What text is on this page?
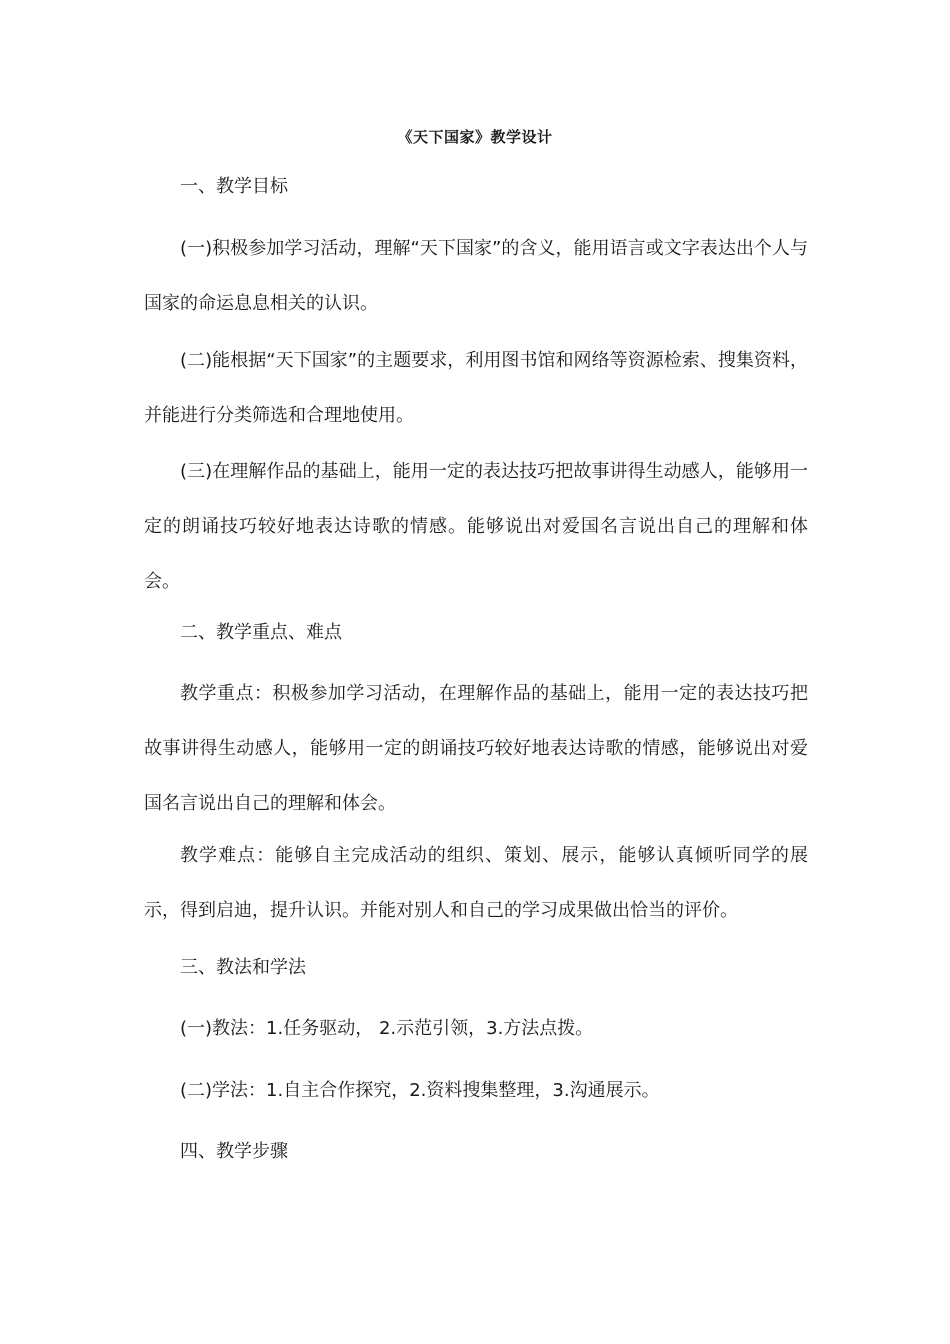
《天下国家》教学设计

一、教学目标

(一)积极参加学习活动，理解“天下国家”的含义，能用语言或文字表达出个人与国家的命运息息相关的认识。

(二)能根据“天下国家”的主题要求，利用图书馆和网络等资源检索、搜集资料，并能进行分类筛选和合理地使用。

(三)在理解作品的基础上，能用一定的表达技巧把故事讲得生动感人，能够用一定的朗诵技巧较好地表达诗歌的情感。能够说出对爱国名言说出自己的理解和体会。

二、教学重点、难点

教学重点：积极参加学习活动，在理解作品的基础上，能用一定的表达技巧把故事讲得生动感人，能够用一定的朗诵技巧较好地表达诗歌的情感，能够说出对爱国名言说出自己的理解和体会。

教学难点：能够自主完成活动的组织、策划、展示，能够认真倾听同学的展示，得到启迪，提升认识。并能对别人和自己的学习成果做出恰当的评价。

三、教法和学法

(一)教法：1.任务驱动， 2.示范引领，3.方法点拨。

(二)学法：1.自主合作探究，2.资料搜集整理，3.沟通展示。

四、教学步骤
